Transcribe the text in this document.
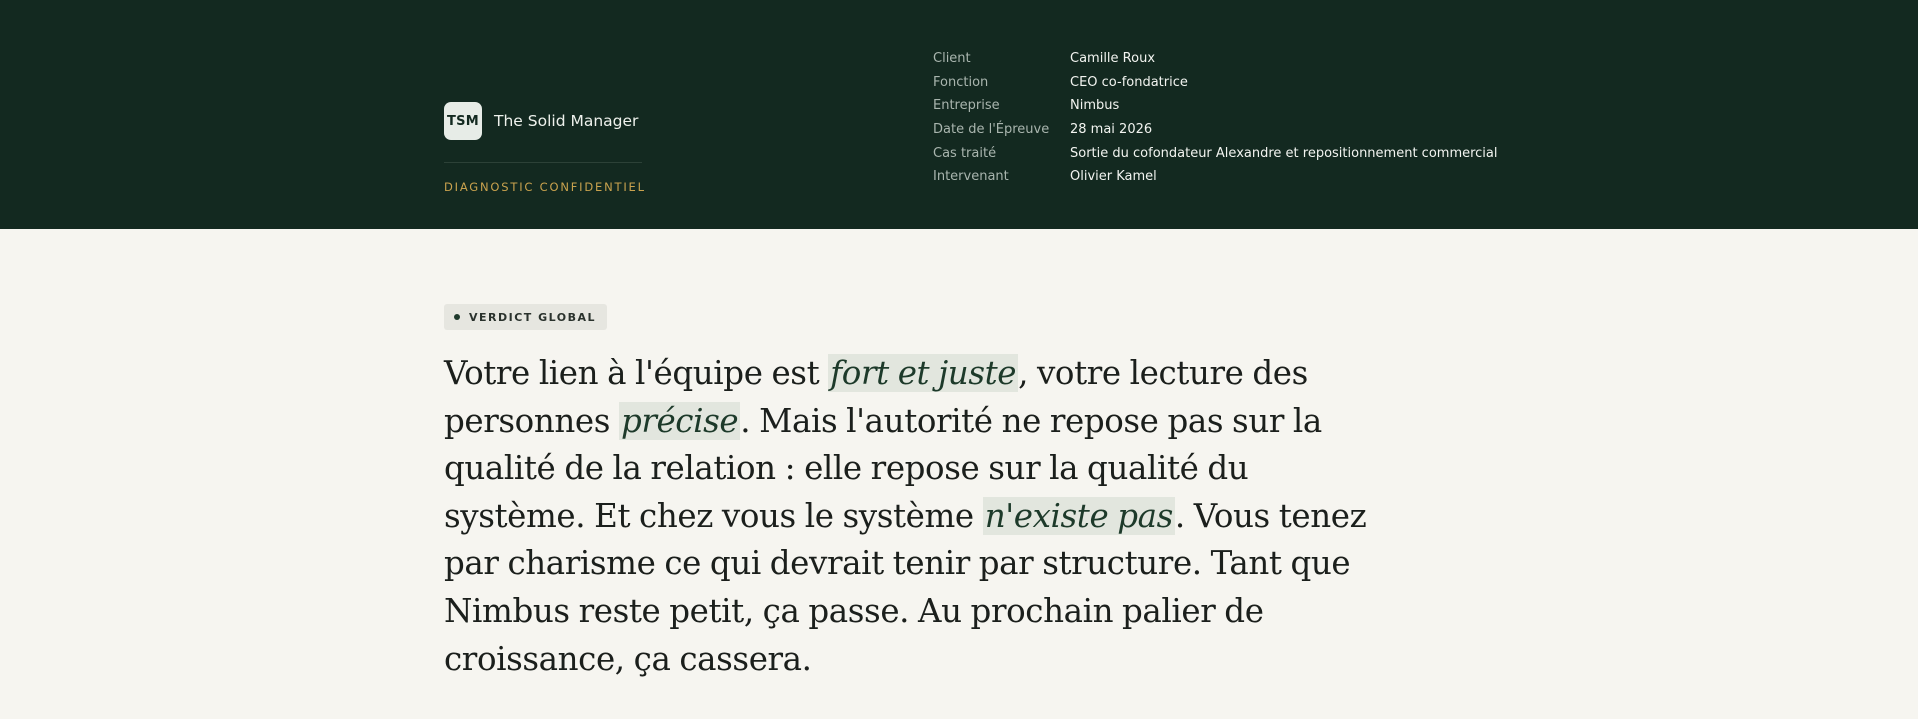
TSM The Solid Manager
DIAGNOSTIC CONFIDENTIEL
Client	Camille Roux
Fonction	CEO co-fondatrice
Entreprise	Nimbus
Date de l'Épreuve	28 mai 2026
Cas traité	Sortie du cofondateur Alexandre et repositionnement commercial
Intervenant	Olivier Kamel
VERDICT GLOBAL

Votre lien à l'équipe est fort et juste, votre lecture des personnes précise. Mais l'autorité ne repose pas sur la qualité de la relation : elle repose sur la qualité du système. Et chez vous le système n'existe pas. Vous tenez par charisme ce qui devrait tenir par structure. Tant que Nimbus reste petit, ça passe. Au prochain palier de croissance, ça cassera.
